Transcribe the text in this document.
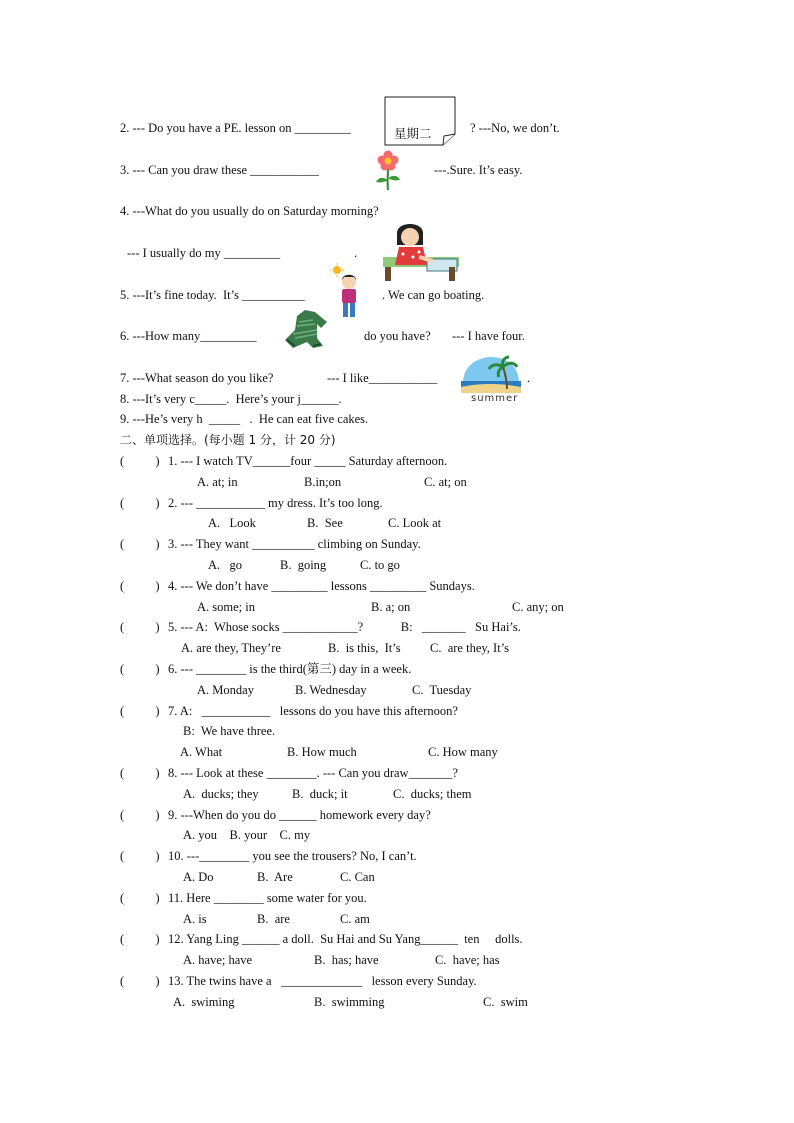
2. --- Do you have a PE. lesson on _________	星期二	? ---No, we don’t.
3. --- Can you draw these ___________	---.Sure. It’s easy.
4. ---What do you usually do on Saturday morning?
--- I usually do my _________	.
5. ---It’s fine today.  It’s __________	. We can go boating.
6. ---How many_________	do you have? --- I have four.
7. ---What season do you like?	--- I like___________
summer
.
8. ---It’s very c_____.  Here’s your j______.
9. ---He’s very h  _____   .  He can eat five cakes.
二、单项选择。(每小题 1 分，计 20 分)
(          ) 1. --- I watch TV______four _____ Saturday afternoon.
A. at; in	B.in;on	C. at; on
(          ) 2. --- ___________ my dress. It’s too long.
A.   Look	B.  See	C. Look at
(          ) 3. --- They want __________ climbing on Sunday.
A.   go	B.  going	C. to go
(          ) 4. --- We don’t have _________ lessons _________ Sundays.
A. some; in	B. a; on	C. any; on
(          ) 5. --- A:  Whose socks ____________?            B:   _______   Su Hai’s.
A. are they, They’re	B.  is this,  It’s C.  are they, It’s
(          ) 6. --- ________ is the third(第三) day in a week.
A. Monday	B. Wednesday	C.  Tuesday
(          ) 7. A:   ___________   lessons do you have this afternoon?
B:  We have three.
A. What	B. How much	C. How many
(          ) 8. --- Look at these ________. --- Can you draw_______?
A.  ducks; they	B.  duck; it	C.  ducks; them
(          ) 9. ---When do you do ______ homework every day?
A. you    B. your    C. my
(          ) 10. ---________ you see the trousers? No, I can’t.
A. Do	B.  Are	C. Can
(          ) 11. Here ________ some water for you.
A. is	B.  are	C. am
(          ) 12. Yang Ling ______ a doll.  Su Hai and Su Yang______  ten     dolls.
A. have; have	B.  has; have	C.  have; has
(          ) 13. The twins have a   _____________   lesson every Sunday.
A.  swiming	B.  swimming	C.  swim
